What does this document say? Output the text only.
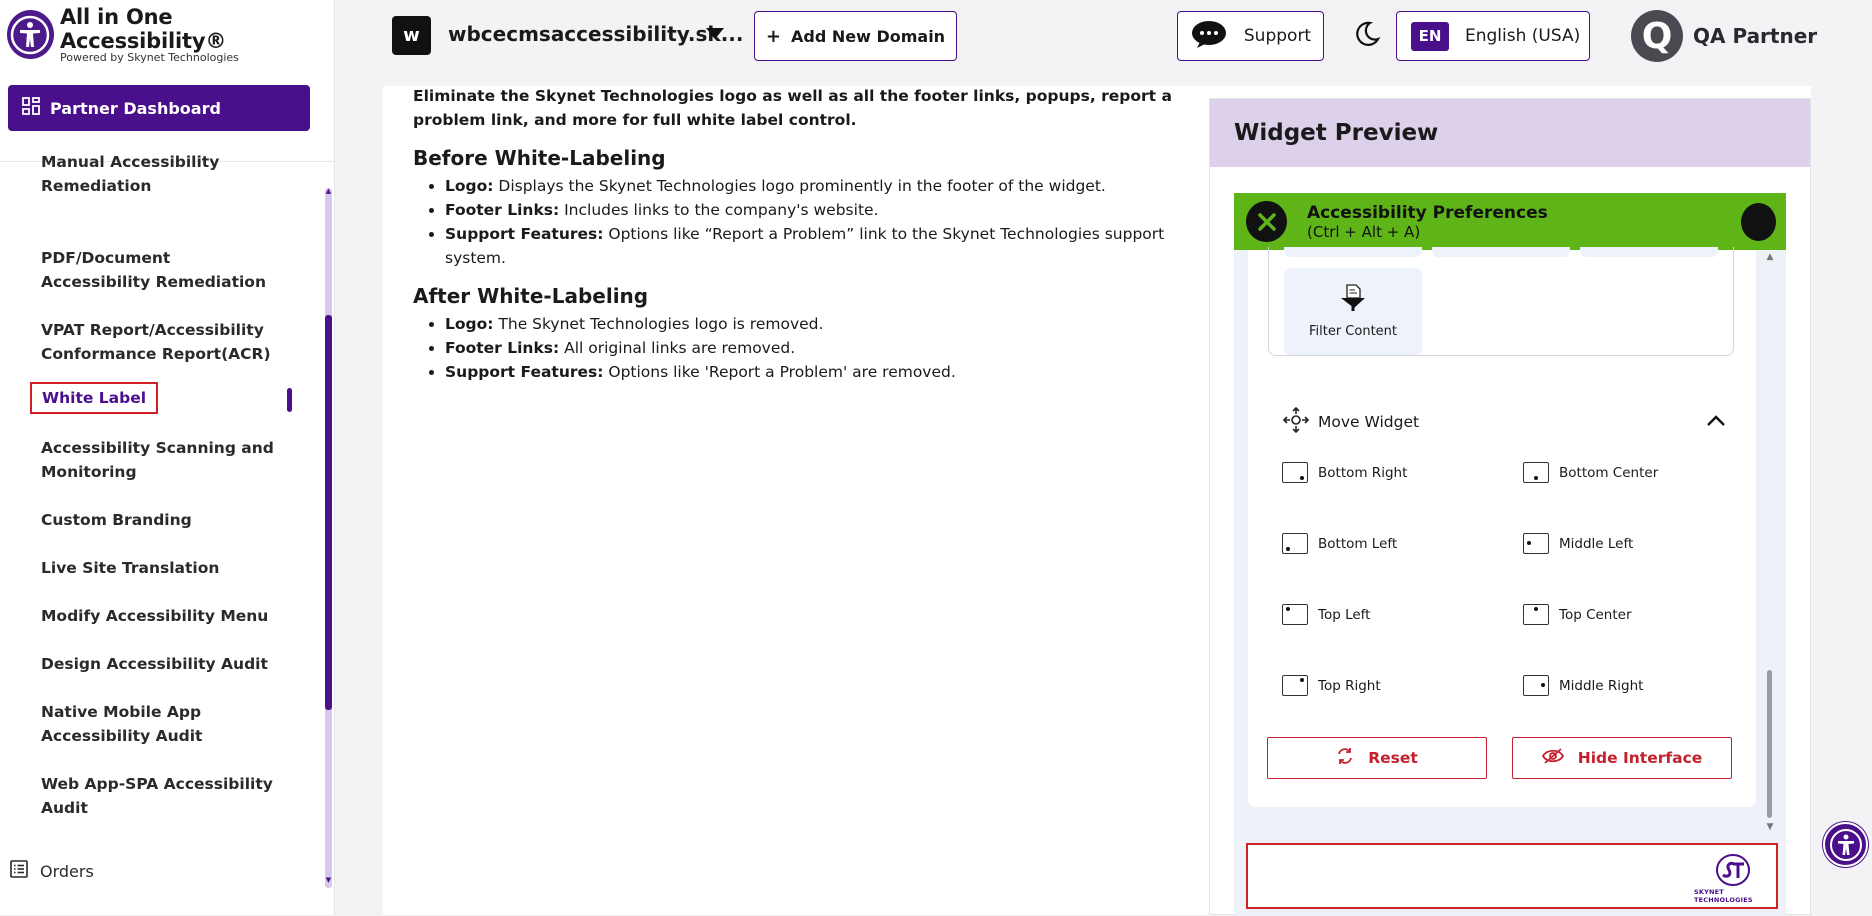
All in One Accessibility®
Powered by Skynet Technologies
Partner Dashboard
Manual Accessibility Remediation
PDF/Document Accessibility Remediation
VPAT Report/Accessibility Conformance Report(ACR)
White Label
Accessibility Scanning and Monitoring
Custom Branding
Live Site Translation
Modify Accessibility Menu
Design Accessibility Audit
Native Mobile App Accessibility Audit
Web App-SPA Accessibility Audit
▲
▼
Orders
w	wbcecmsaccessibility.sk... + Add New Domain	Support	EN	English (USA) Q	QA Partner

Eliminate the Skynet Technologies logo as well as all the footer links, popups, report a problem link, and more for full white label control.

Before White-Labeling
• Logo: Displays the Skynet Technologies logo prominently in the footer of the widget.
• Footer Links: Includes links to the company's website.
• Support Features: Options like “Report a Problem” link to the Skynet Technologies support system.
After White-Labeling
• Logo: The Skynet Technologies logo is removed.
• Footer Links: All original links are removed.
• Support Features: Options like 'Report a Problem' are removed.
Widget Preview
Accessibility Preferences
(Ctrl + Alt + A)
Filter Content
Move Widget
Bottom Right	Bottom Center
Bottom Left	Middle Left
Top Left	Top Center
Top Right	Middle Right
Reset	Hide Interface
▲
▼
SKYNET TECHNOLOGIES
